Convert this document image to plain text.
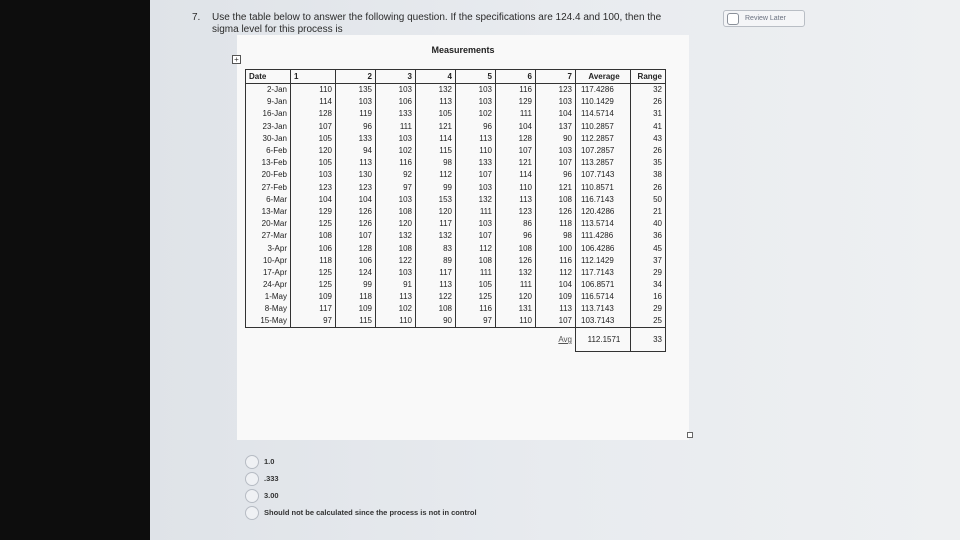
7. Use the table below to answer the following question. If the specifications are 124.4 and 100, then the
sigma level for this process is
Review Later
+
Measurements
Date	1	2	3	4	5	6	7	Average	Range
2-Jan	110	135	103	132	103	116	123	117.4286	32
9-Jan	114	103	106	113	103	129	103	110.1429	26
16-Jan	128	119	133	105	102	111	104	114.5714	31
23-Jan	107	96	111	121	96	104	137	110.2857	41
30-Jan	105	133	103	114	113	128	90	112.2857	43
6-Feb	120	94	102	115	110	107	103	107.2857	26
13-Feb	105	113	116	98	133	121	107	113.2857	35
20-Feb	103	130	92	112	107	114	96	107.7143	38
27-Feb	123	123	97	99	103	110	121	110.8571	26
6-Mar	104	104	103	153	132	113	108	116.7143	50
13-Mar	129	126	108	120	111	123	126	120.4286	21
20-Mar	125	126	120	117	103	86	118	113.5714	40
27-Mar	108	107	132	132	107	96	98	111.4286	36
3-Apr	106	128	108	83	112	108	100	106.4286	45
10-Apr	118	106	122	89	108	126	116	112.1429	37
17-Apr	125	124	103	117	111	132	112	117.7143	29
24-Apr	125	99	91	113	105	111	104	106.8571	34
1-May	109	118	113	122	125	120	109	116.5714	16
8-May	117	109	102	108	116	131	113	113.7143	29
15-May	97	115	110	90	97	110	107	103.7143	25
							Avg	112.1571	33
1.0
.333
3.00
Should not be calculated since the process is not in control
